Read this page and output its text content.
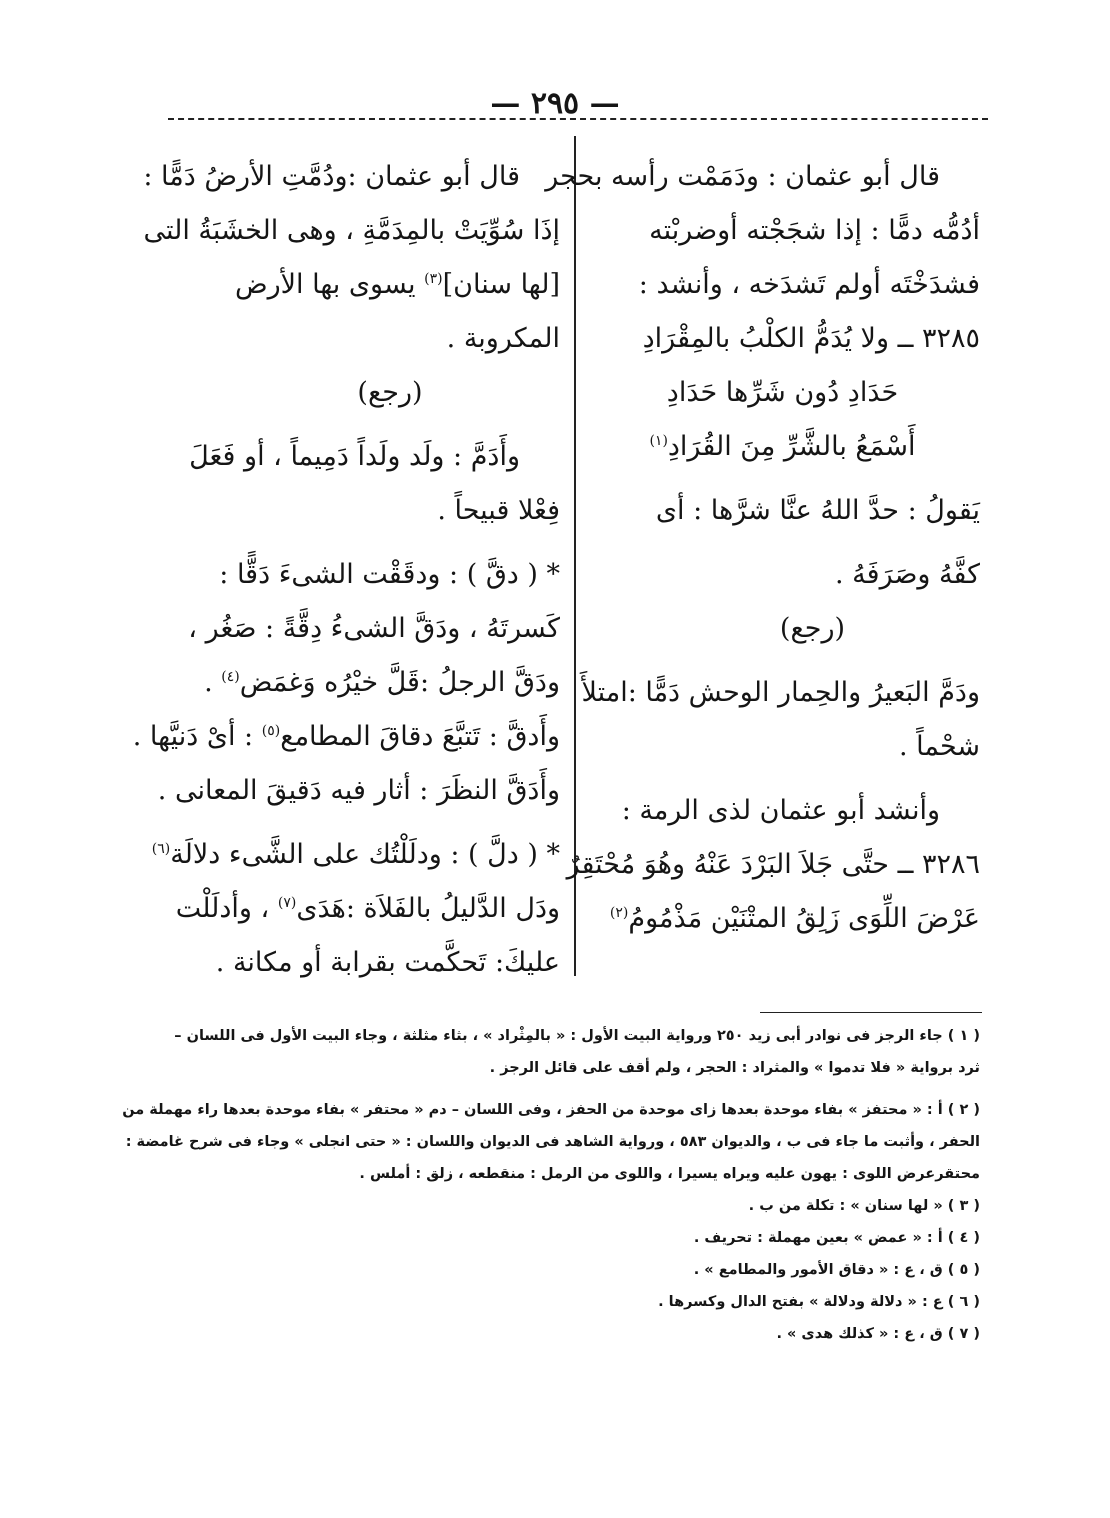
— ٢٩٥ —
قال أبو عثمان : ودَمَمْت رأسه بحجر
أدُمُّه دمًّا : إذا شجَجْته أوضربْته
فشدَخْتَه أولم تَشدَخه ، وأنشد :
٣٢٨٥ ــ ولا يُدَمُّ الكلْبُ بالمِقْرَادِ
حَدَادِ دُون شَرِّها حَدَادِ
أَسْمَعُ بالشَّرِّ مِنَ القُرَادِ$^{(١)}$
يَقولُ : حدَّ اللهُ عنَّا شرَّها : أى
كفَّهُ وصَرَفَهُ .
(رجع)
ودَمَّ البَعيرُ والحِمار الوحش دَمًّا :امتلأَ
شحْماً .
وأنشد أبو عثمان لذى الرمة :
٣٢٨٦ ــ حتَّى جَلاَ البَرْدَ عَنْهُ وهُوَ مُحْتَقِرٌ
عَرْضَ اللِّوَى زَلِقُ المتْنَيْن مَذْمُومُ$^{(٢)}$
قال أبو عثمان :ودُمَّتِ الأرضُ دَمًّا :
إذَا سُوِّيَتْ بالمِدَمَّةِ ، وهى الخشَبَةُ التى
[لها سنان]$^{(٣)}$ يسوى بها الأرض
المكروبة .
(رجع)
وأَدَمَّ : ولَد ولَداً دَمِيماً ، أو فَعَلَ
فِعْلا قبيحاً .
* ( دقَّ ) : ودقَقْت الشىءَ دَقًّا :
كَسرتَهُ ، ودَقَّ الشىءُ دِقَّةً : صَغُر ،
ودَقَّ الرجلُ :قَلَّ خيْرُه وَغمَض$^{(٤)}$ .
وأَدقَّ : تَتبَّعَ دقاقَ المطامع$^{(٥)}$ : أىْ دَنيَّها .
وأَدَقَّ النظَرَ : أثار فيه دَقيقَ المعانى .
* ( دلَّ ) : ودلَلْتُك على الشَّىء دلالَة$^{(٦)}$
ودَل الدَّليلُ بالفَلاَة :هَدَى$^{(٧)}$ ، وأدلَلْت
عليكَ: تَحكَّمت بقرابة أو مكانة .
( ١ ) جاء الرجز فى نوادر أبى زيد ٢٥٠ ورواية البيت الأول : « بالمِثْراد » ، بثاء مثلثة ، وجاء البيت الأول فى اللسان –
ثرد برواية « فلا تدموا » والمثراد : الحجر ، ولم أقف على قائل الرجز .
( ٢ ) أ : « محتفز » بفاء موحدة بعدها زاى موحدة من الحفز ، وفى اللسان – دم « محتفر » بفاء موحدة بعدها راء مهملة من
الحفر ، وأثبت ما جاء فى ب ، والديوان ٥٨٣ ، ورواية الشاهد فى الديوان واللسان : « حتى انجلى » وجاء فى شرح غامضة :
محتقرعرض اللوى : يهون عليه ويراه يسيرا ، واللوى من الرمل : منقطعه ، زلق : أملس .
( ٣ ) « لها سنان » : تكلة من ب .
( ٤ ) أ : « عمض » بعين مهملة : تحريف .
( ٥ ) ق ، ع : « دقاق الأمور والمطامع » .
( ٦ ) ع : « دلالة ودلالة » بفتح الدال وكسرها .
( ٧ ) ق ، ع : « كذلك هدى » .
